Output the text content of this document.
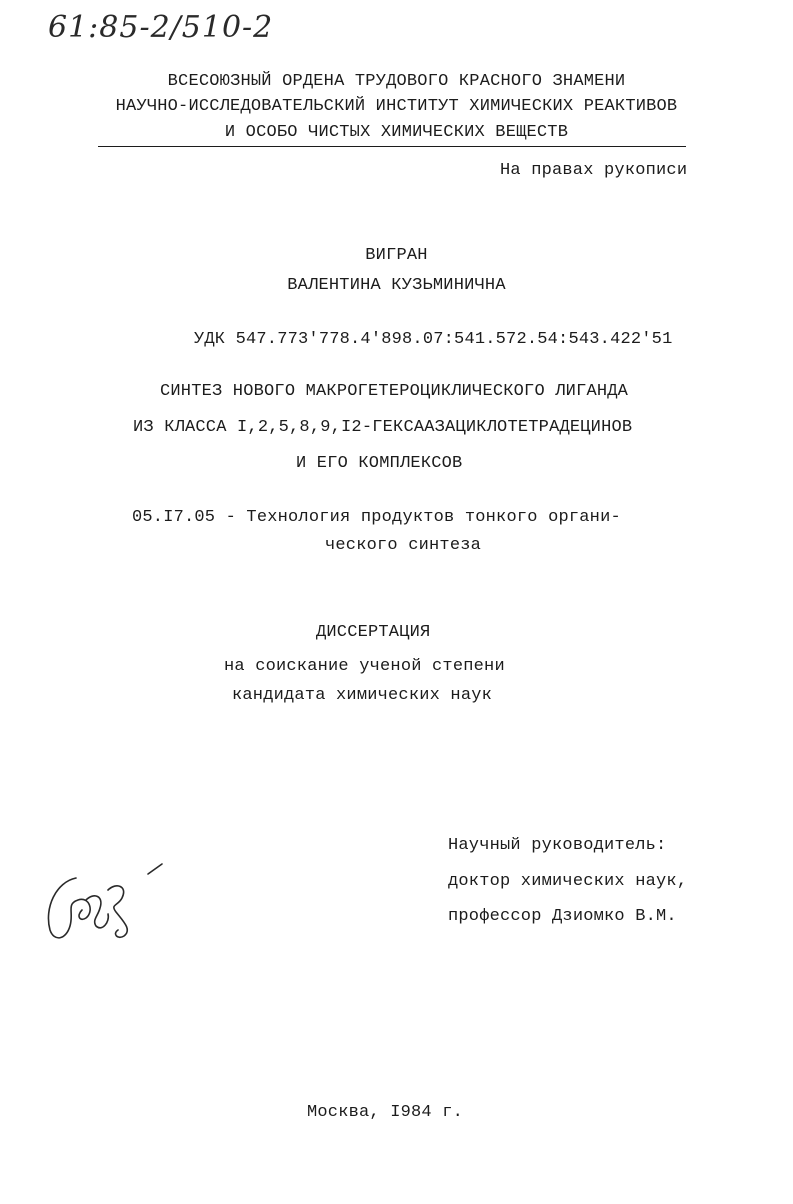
61:85-2/510-2
ВСЕСОЮЗНЫЙ ОРДЕНА ТРУДОВОГО КРАСНОГО ЗНАМЕНИ
НАУЧНО-ИССЛЕДОВАТЕЛЬСКИЙ ИНСТИТУТ ХИМИЧЕСКИХ РЕАКТИВОВ
И ОСОБО ЧИСТЫХ ХИМИЧЕСКИХ ВЕЩЕСТВ
На правах рукописи
ВИГРАН
ВАЛЕНТИНА КУЗЬМИНИЧНА
УДК 547.773'778.4'898.07:541.572.54:543.422'51
СИНТЕЗ НОВОГО МАКРОГЕТЕРОЦИКЛИЧЕСКОГО ЛИГАНДА
ИЗ КЛАССА I,2,5,8,9,I2-ГЕКСААЗАЦИКЛОТЕТРАДЕЦИНОВ
И ЕГО КОМПЛЕКСОВ
05.I7.05 - Технология продуктов тонкого органи-
ческого синтеза
ДИССЕРТАЦИЯ
на соискание ученой степени
кандидата химических наук
Научный руководитель:
доктор химических наук,
профессор Дзиомко В.М.
Москва, I984 г.
